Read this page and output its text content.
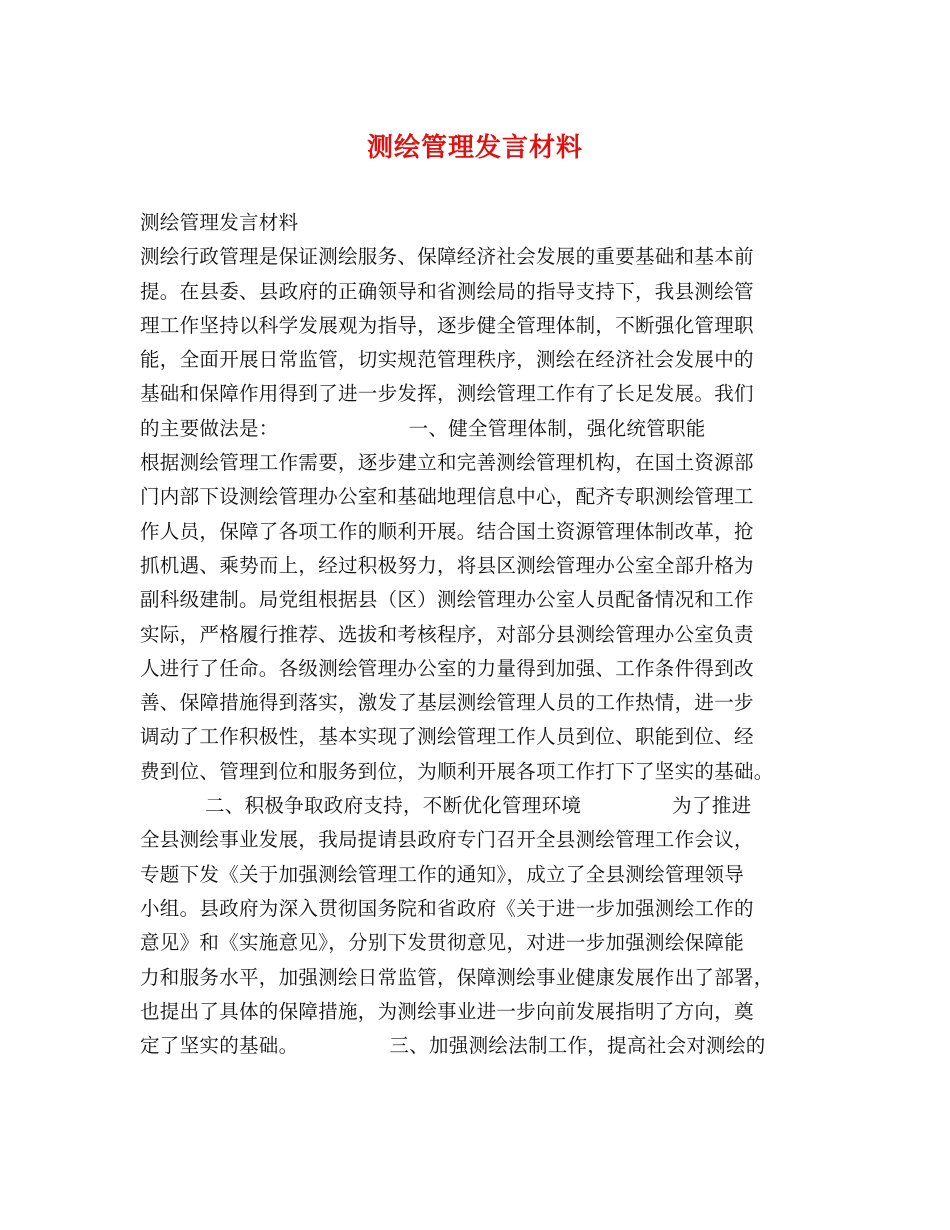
测绘管理发言材料
测绘管理发言材料
测绘行政管理是保证测绘服务、保障经济社会发展的重要基础和基本前
提。在县委、县政府的正确领导和省测绘局的指导支持下，我县测绘管
理工作坚持以科学发展观为指导，逐步健全管理体制，不断强化管理职
能，全面开展日常监管，切实规范管理秩序，测绘在经济社会发展中的
基础和保障作用得到了进一步发挥，测绘管理工作有了长足发展。我们
的主要做法是：                    一、健全管理体制，强化统管职能
根据测绘管理工作需要，逐步建立和完善测绘管理机构，在国土资源部
门内部下设测绘管理办公室和基础地理信息中心，配齐专职测绘管理工
作人员，保障了各项工作的顺利开展。结合国土资源管理体制改革，抢
抓机遇、乘势而上，经过积极努力，将县区测绘管理办公室全部升格为
副科级建制。局党组根据县（区）测绘管理办公室人员配备情况和工作
实际，严格履行推荐、选拔和考核程序，对部分县测绘管理办公室负责
人进行了任命。各级测绘管理办公室的力量得到加强、工作条件得到改
善、保障措施得到落实，激发了基层测绘管理人员的工作热情，进一步
调动了工作积极性，基本实现了测绘管理工作人员到位、职能到位、经
费到位、管理到位和服务到位，为顺利开展各项工作打下了坚实的基础。
二、积极争取政府支持，不断优化管理环境              为了推进
全县测绘事业发展，我局提请县政府专门召开全县测绘管理工作会议，
专题下发《关于加强测绘管理工作的通知》，成立了全县测绘管理领导
小组。县政府为深入贯彻国务院和省政府《关于进一步加强测绘工作的
意见》和《实施意见》，分别下发贯彻意见，对进一步加强测绘保障能
力和服务水平，加强测绘日常监管，保障测绘事业健康发展作出了部署，
也提出了具体的保障措施，为测绘事业进一步向前发展指明了方向，奠
定了坚实的基础。              三、加强测绘法制工作，提高社会对测绘的
